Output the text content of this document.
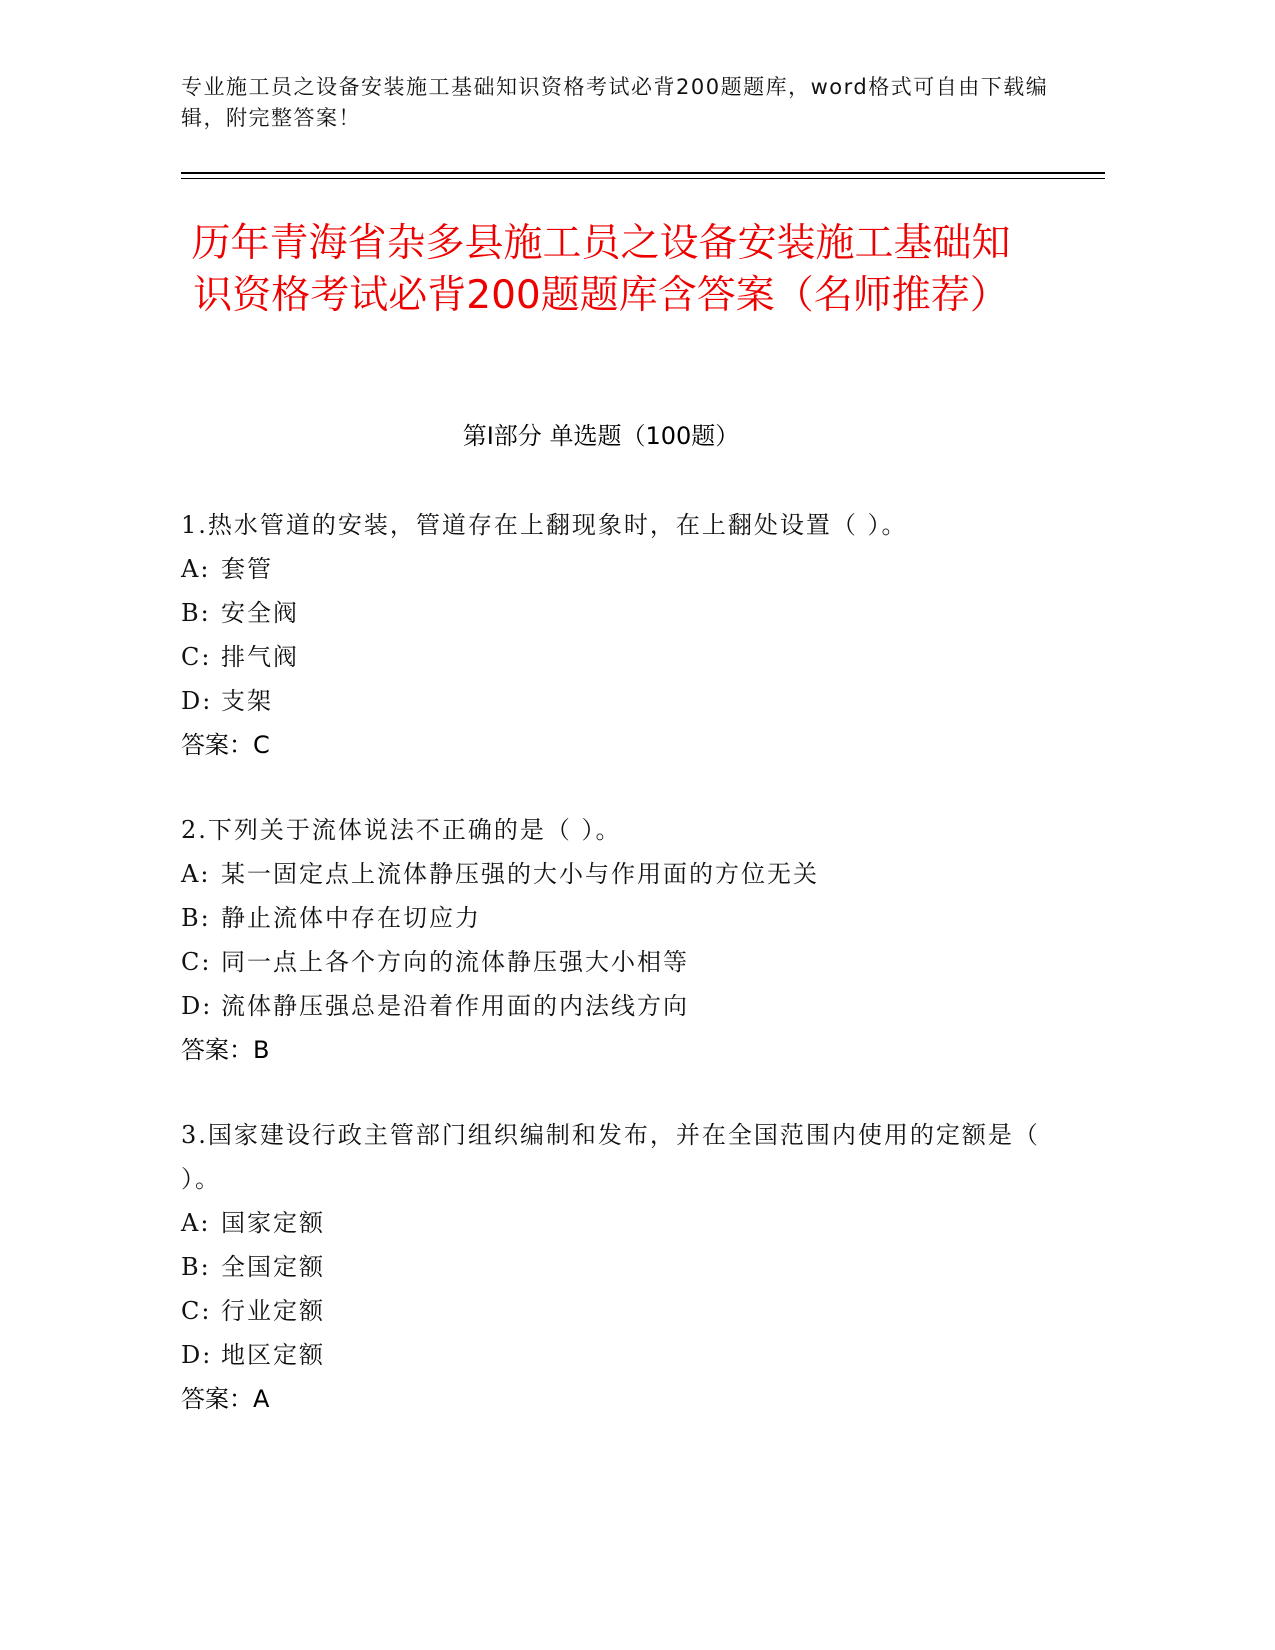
专业施工员之设备安装施工基础知识资格考试必背200题题库，word格式可自由下载编辑，附完整答案！
历年青海省杂多县施工员之设备安装施工基础知识资格考试必背200题题库含答案（名师推荐）
第I部分 单选题（100题）
1.热水管道的安装，管道存在上翻现象时，在上翻处设置（ ）。
A: 套管
B: 安全阀
C: 排气阀
D: 支架
答案：C
2.下列关于流体说法不正确的是（ ）。
A: 某一固定点上流体静压强的大小与作用面的方位无关
B: 静止流体中存在切应力
C: 同一点上各个方向的流体静压强大小相等
D: 流体静压强总是沿着作用面的内法线方向
答案：B
3.国家建设行政主管部门组织编制和发布，并在全国范围内使用的定额是（ ）。
A: 国家定额
B: 全国定额
C: 行业定额
D: 地区定额
答案：A
